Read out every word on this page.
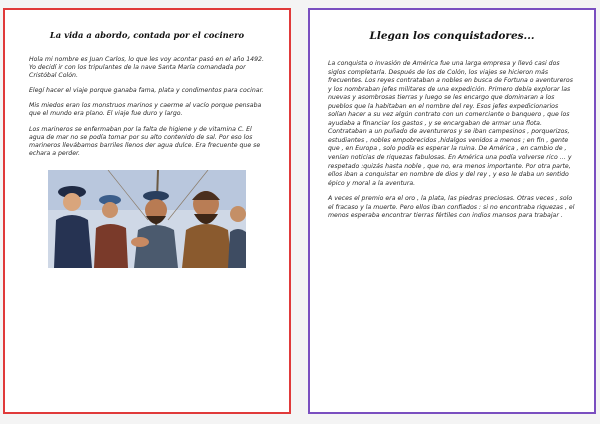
La vida a abordo, contada por el cocinero

Hola mi nombre es Juan Carlos, lo que les voy acontar pasó en el año 1492. Yo decidí ir con los tripulantes de la nave Santa María comandada por Cristóbal Colón.

Elegí hacer el viaje porque ganaba fama, plata y condimentos para cocinar.

Mis miedos eran los monstruos marinos y caerme al vacío porque pensaba que el mundo era plano. El viaje fue duro y largo.

Los marineros se enfermaban por la falta de higiene y de vitamina C. El agua de mar no se podía tomar por su alto contenido de sal. Por eso los marineros llevábamos barriles llenos der agua dulce. Era frecuente que se echara a perder.

Llegan los conquistadores...

La conquista o invasión de América fue una larga empresa y llevó casi dos siglos completarla. Después de los de Colón, los viajes se hicieron más frecuentes. Los reyes contrataban a nobles en busca de Fortuna o aventureros y los nombraban jefes militares de una expedición. Primero debía explorar las nuevas y asombrosas tierras y luego se les encargo que dominaran a los pueblos que la habitaban en el nombre del rey. Esos jefes expedicionarios solían hacer a su vez algún contrato con un comerciante o banquero , que los ayudaba a financiar los gastos , y se encargaban de armar una flota. Contrataban a un puñado de aventureros y se iban campesinos , porquerizos, estudiantes , nobles empobrecidos ,hidalgos venidos a menos ; en fin , gente que , en Europa , solo podía es esperar la ruina. De América , en cambio de , venían noticias de riquezas fabulosas. En América una podía volverse rico … y respetado :quizás hasta noble , que no, era menos importante. Por otra parte, ellos iban a conquistar en nombre de dios y del rey , y eso le daba un sentido épico y moral a la aventura.

A veces el premio era el oro , la plata, las piedras preciosas. Otras veces , solo el fracaso y la muerte. Pero ellos iban confiados : si no encontraba riquezas , el menos esperaba encontrar tierras fértiles con indios mansos para trabajar .
